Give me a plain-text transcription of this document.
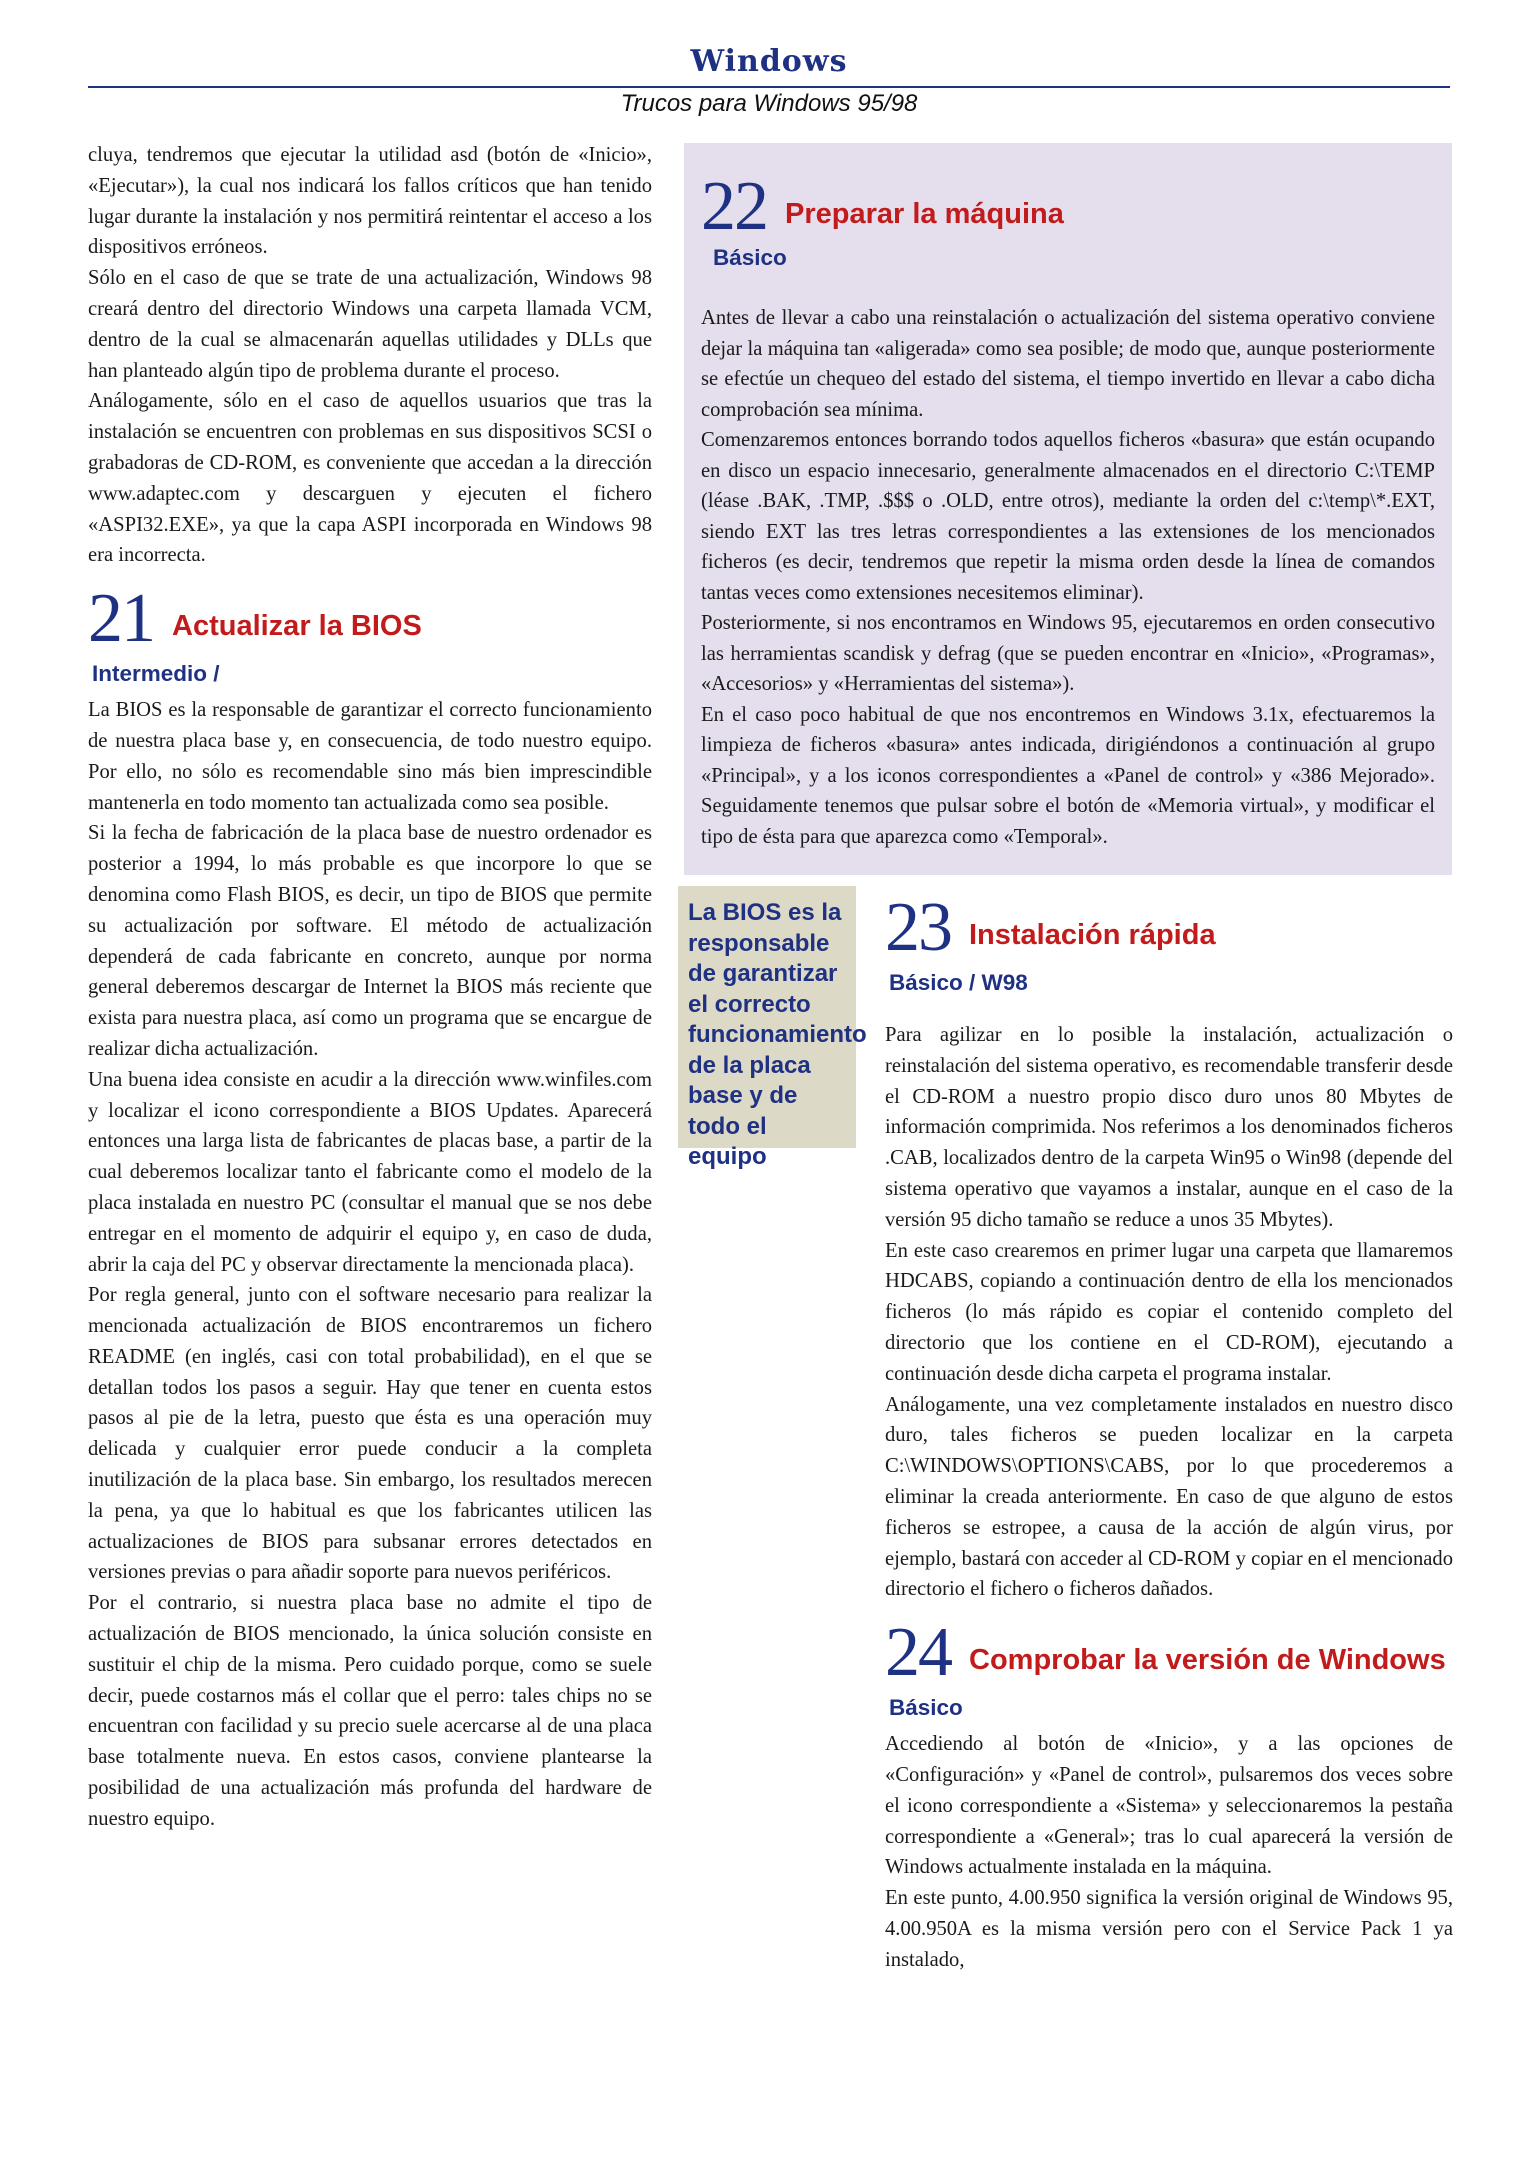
Windows
Trucos para Windows 95/98

cluya, tendremos que ejecutar la utilidad asd (botón de «Inicio», «Ejecutar»), la cual nos indicará los fallos críticos que han tenido lugar durante la instalación y nos permitirá reintentar el acceso a los dispositivos erróneos.

Sólo en el caso de que se trate de una actualización, Windows 98 creará dentro del directorio Windows una carpeta llamada VCM, dentro de la cual se almacenarán aquellas utilidades y DLLs que han planteado algún tipo de problema durante el proceso.

Análogamente, sólo en el caso de aquellos usuarios que tras la instalación se encuentren con problemas en sus dispositivos SCSI o grabadoras de CD-ROM, es conveniente que accedan a la dirección www.adaptec.com y descarguen y ejecuten el fichero «ASPI32.EXE», ya que la capa ASPI incorporada en Windows 98 era incorrecta.

21 Actualizar la BIOS
Intermedio /

La BIOS es la responsable de garantizar el correcto funcionamiento de nuestra placa base y, en consecuencia, de todo nuestro equipo. Por ello, no sólo es recomendable sino más bien imprescindible mantenerla en todo momento tan actualizada como sea posible.

Si la fecha de fabricación de la placa base de nuestro ordenador es posterior a 1994, lo más probable es que incorpore lo que se denomina como Flash BIOS, es decir, un tipo de BIOS que permite su actualización por software. El método de actualización dependerá de cada fabricante en concreto, aunque por norma general deberemos descargar de Internet la BIOS más reciente que exista para nuestra placa, así como un programa que se encargue de realizar dicha actualización.

Una buena idea consiste en acudir a la dirección www.winfiles.com y localizar el icono correspondiente a BIOS Updates. Aparecerá entonces una larga lista de fabricantes de placas base, a partir de la cual deberemos localizar tanto el fabricante como el modelo de la placa instalada en nuestro PC (consultar el manual que se nos debe entregar en el momento de adquirir el equipo y, en caso de duda, abrir la caja del PC y observar directamente la mencionada placa).

Por regla general, junto con el software necesario para realizar la mencionada actualización de BIOS encontraremos un fichero README (en inglés, casi con total probabilidad), en el que se detallan todos los pasos a seguir. Hay que tener en cuenta estos pasos al pie de la letra, puesto que ésta es una operación muy delicada y cualquier error puede conducir a la completa inutilización de la placa base. Sin embargo, los resultados merecen la pena, ya que lo habitual es que los fabricantes utilicen las actualizaciones de BIOS para subsanar errores detectados en versiones previas o para añadir soporte para nuevos periféricos.

Por el contrario, si nuestra placa base no admite el tipo de actualización de BIOS mencionado, la única solución consiste en sustituir el chip de la misma. Pero cuidado porque, como se suele decir, puede costarnos más el collar que el perro: tales chips no se encuentran con facilidad y su precio suele acercarse al de una placa base totalmente nueva. En estos casos, conviene plantearse la posibilidad de una actualización más profunda del hardware de nuestro equipo.

22 Preparar la máquina
Básico

Antes de llevar a cabo una reinstalación o actualización del sistema operativo conviene dejar la máquina tan «aligerada» como sea posible; de modo que, aunque posteriormente se efectúe un chequeo del estado del sistema, el tiempo invertido en llevar a cabo dicha comprobación sea mínima.

Comenzaremos entonces borrando todos aquellos ficheros «basura» que están ocupando en disco un espacio innecesario, generalmente almacenados en el directorio C:\TEMP (léase .BAK, .TMP, .$$$ o .OLD, entre otros), mediante la orden del c:\temp\*.EXT, siendo EXT las tres letras correspondientes a las extensiones de los mencionados ficheros (es decir, tendremos que repetir la misma orden desde la línea de comandos tantas veces como extensiones necesitemos eliminar).

Posteriormente, si nos encontramos en Windows 95, ejecutaremos en orden consecutivo las herramientas scandisk y defrag (que se pueden encontrar en «Inicio», «Programas», «Accesorios» y «Herramientas del sistema»).

En el caso poco habitual de que nos encontremos en Windows 3.1x, efectuaremos la limpieza de ficheros «basura» antes indicada, dirigiéndonos a continuación al grupo «Principal», y a los iconos correspondientes a «Panel de control» y «386 Mejorado». Seguidamente tenemos que pulsar sobre el botón de «Memoria virtual», y modificar el tipo de ésta para que aparezca como «Temporal».

La BIOS es la responsable de garantizar el correcto funcionamiento de la placa base y de todo el equipo
23 Instalación rápida
Básico / W98

Para agilizar en lo posible la instalación, actualización o reinstalación del sistema operativo, es recomendable transferir desde el CD-ROM a nuestro propio disco duro unos 80 Mbytes de información comprimida. Nos referimos a los denominados ficheros .CAB, localizados dentro de la carpeta Win95 o Win98 (depende del sistema operativo que vayamos a instalar, aunque en el caso de la versión 95 dicho tamaño se reduce a unos 35 Mbytes).

En este caso crearemos en primer lugar una carpeta que llamaremos HDCABS, copiando a continuación dentro de ella los mencionados ficheros (lo más rápido es copiar el contenido completo del directorio que los contiene en el CD-ROM), ejecutando a continuación desde dicha carpeta el programa instalar.

Análogamente, una vez completamente instalados en nuestro disco duro, tales ficheros se pueden localizar en la carpeta C:\WINDOWS\OPTIONS\CABS, por lo que procederemos a eliminar la creada anteriormente. En caso de que alguno de estos ficheros se estropee, a causa de la acción de algún virus, por ejemplo, bastará con acceder al CD-ROM y copiar en el mencionado directorio el fichero o ficheros dañados.

24 Comprobar la versión de Windows
Básico

Accediendo al botón de «Inicio», y a las opciones de «Configuración» y «Panel de control», pulsaremos dos veces sobre el icono correspondiente a «Sistema» y seleccionaremos la pestaña correspondiente a «General»; tras lo cual aparecerá la versión de Windows actualmente instalada en la máquina.

En este punto, 4.00.950 significa la versión original de Windows 95, 4.00.950A es la misma versión pero con el Service Pack 1 ya instalado,
